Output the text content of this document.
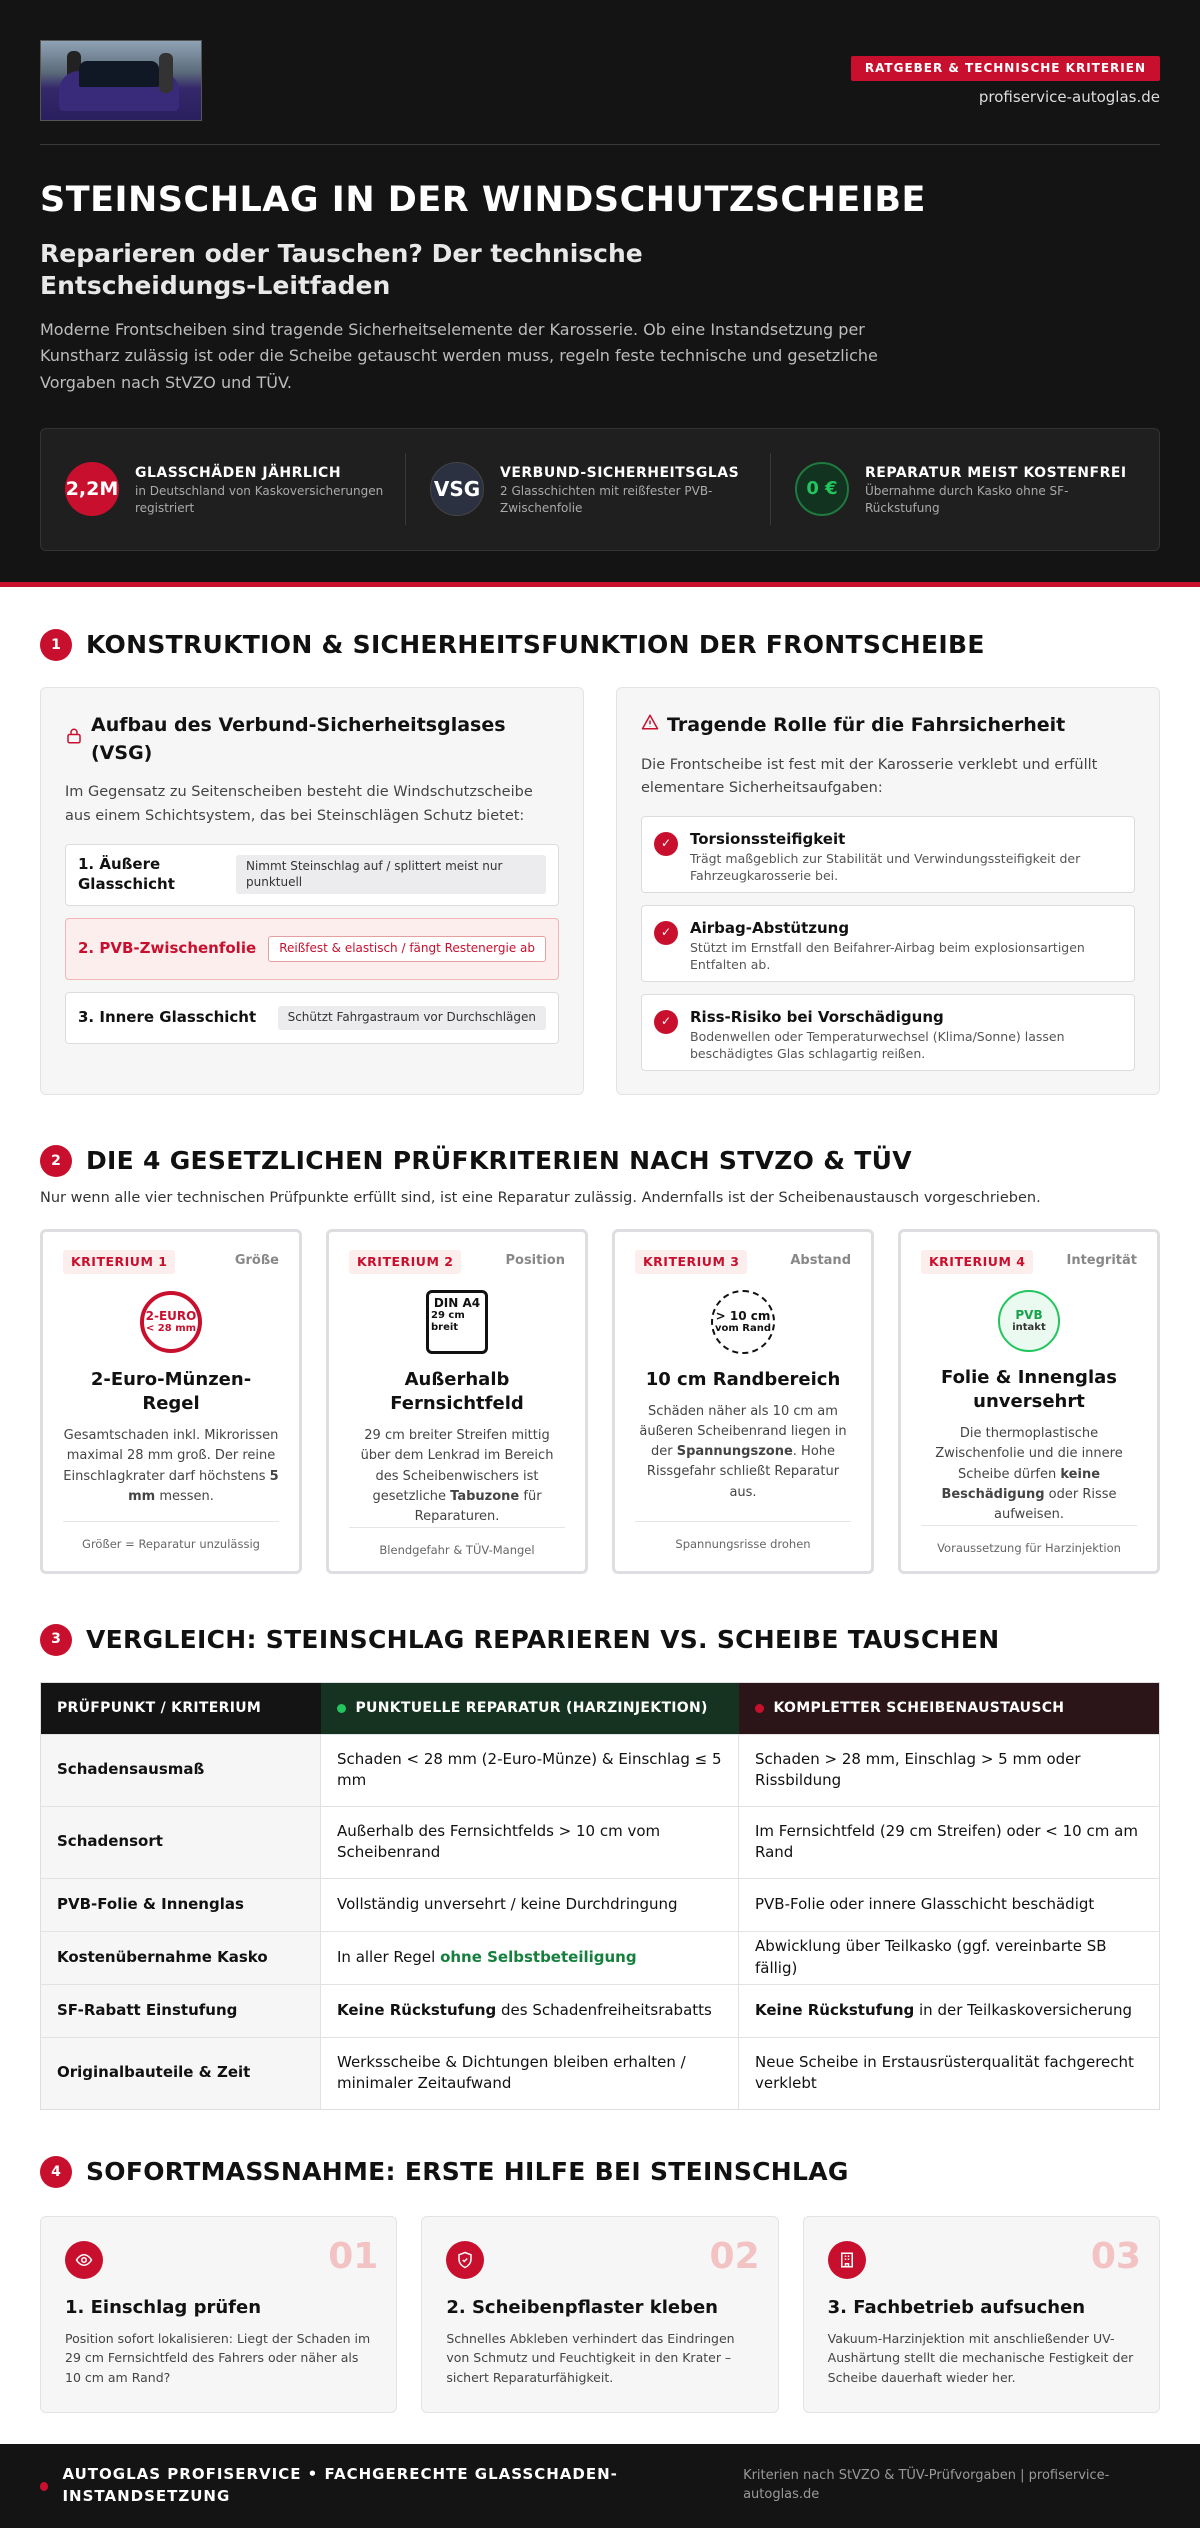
RATGEBER & TECHNISCHE KRITERIEN
profiservice-autoglas.de
STEINSCHLAG IN DER WINDSCHUTZSCHEIBE
Reparieren oder Tauschen? Der technische Entscheidungs-Leitfaden

Moderne Frontscheiben sind tragende Sicherheitselemente der Karosserie. Ob eine Instandsetzung per Kunstharz zulässig ist oder die Scheibe getauscht werden muss, regeln feste technische und gesetzliche Vorgaben nach StVZO und TÜV.

2,2M
GLASSCHÄDEN JÄHRLICH
in Deutschland von Kaskoversicherungen registriert
VSG
VERBUND-SICHERHEITSGLAS
2 Glasschichten mit reißfester PVB-Zwischenfolie
0 €
REPARATUR MEIST KOSTENFREI
Übernahme durch Kasko ohne SF-Rückstufung
1	KONSTRUKTION & SICHERHEITSFUNKTION DER FRONTSCHEIBE
Aufbau des Verbund-Sicherheitsglases (VSG)

Im Gegensatz zu Seitenscheiben besteht die Windschutzscheibe aus einem Schichtsystem, das bei Steinschlägen Schutz bietet:

1. Äußere Glasschicht
Nimmt Steinschlag auf / splittert meist nur punktuell
2. PVB-Zwischenfolie	Reißfest & elastisch / fängt Restenergie ab
3. Innere Glasschicht	Schützt Fahrgastraum vor Durchschlägen
Tragende Rolle für die Fahrsicherheit

Die Frontscheibe ist fest mit der Karosserie verklebt und erfüllt elementare Sicherheitsaufgaben:

✓	Torsionssteifigkeit
Trägt maßgeblich zur Stabilität und Verwindungssteifigkeit der Fahrzeugkarosserie bei.
✓	Airbag-Abstützung
Stützt im Ernstfall den Beifahrer-Airbag beim explosionsartigen Entfalten ab.
✓	Riss-Risiko bei Vorschädigung
Bodenwellen oder Temperaturwechsel (Klima/Sonne) lassen beschädigtes Glas schlagartig reißen.
2	DIE 4 GESETZLICHEN PRÜFKRITERIEN NACH STVZO & TÜV

Nur wenn alle vier technischen Prüfpunkte erfüllt sind, ist eine Reparatur zulässig. Andernfalls ist der Scheibenaustausch vorgeschrieben.

KRITERIUM 1	Größe
2-EURO
< 28 mm
2-Euro-Münzen-Regel
Gesamtschaden inkl. Mikrorissen maximal 28 mm groß. Der reine Einschlagkrater darf höchstens 5 mm messen.
Größer = Reparatur unzulässig
KRITERIUM 2	Position
DIN A4
29 cm breit
Außerhalb Fernsichtfeld
29 cm breiter Streifen mittig über dem Lenkrad im Bereich des Scheibenwischers ist gesetzliche Tabuzone für Reparaturen.
Blendgefahr & TÜV-Mangel
KRITERIUM 3	Abstand
> 10 cm
vom Rand
10 cm Randbereich
Schäden näher als 10 cm am äußeren Scheibenrand liegen in der Spannungszone. Hohe Rissgefahr schließt Reparatur aus.
Spannungsrisse drohen
KRITERIUM 4	Integrität
PVB
intakt
Folie & Innenglas unversehrt
Die thermoplastische Zwischenfolie und die innere Scheibe dürfen keine Beschädigung oder Risse aufweisen.
Voraussetzung für Harzinjektion
3	VERGLEICH: STEINSCHLAG REPARIEREN VS. SCHEIBE TAUSCHEN
PRÜFPUNKT / KRITERIUM	PUNKTUELLE REPARATUR (HARZINJEKTION)	KOMPLETTER SCHEIBENAUSTAUSCH
Schadensausmaß	Schaden < 28 mm (2-Euro-Münze) & Einschlag ≤ 5 mm	Schaden > 28 mm, Einschlag > 5 mm oder Rissbildung
Schadensort	Außerhalb des Fernsichtfelds > 10 cm vom Scheibenrand	Im Fernsichtfeld (29 cm Streifen) oder < 10 cm am Rand
PVB-Folie & Innenglas	Vollständig unversehrt / keine Durchdringung	PVB-Folie oder innere Glasschicht beschädigt
Kostenübernahme Kasko	In aller Regel ohne Selbstbeteiligung	Abwicklung über Teilkasko (ggf. vereinbarte SB fällig)
SF-Rabatt Einstufung	Keine Rückstufung des Schadenfreiheitsrabatts	Keine Rückstufung in der Teilkaskoversicherung
Originalbauteile & Zeit	Werksscheibe & Dichtungen bleiben erhalten / minimaler Zeitaufwand	Neue Scheibe in Erstausrüsterqualität fachgerecht verklebt
4	SOFORTMASSNAHME: ERSTE HILFE BEI STEINSCHLAG
01
1. Einschlag prüfen
Position sofort lokalisieren: Liegt der Schaden im 29 cm Fernsichtfeld des Fahrers oder näher als 10 cm am Rand?
02
2. Scheibenpflaster kleben
Schnelles Abkleben verhindert das Eindringen von Schmutz und Feuchtigkeit in den Krater – sichert Reparaturfähigkeit.
03
3. Fachbetrieb aufsuchen
Vakuum-Harzinjektion mit anschließender UV-Aushärtung stellt die mechanische Festigkeit der Scheibe dauerhaft wieder her.
AUTOGLAS PROFISERVICE • FACHGERECHTE GLASSCHADEN-INSTANDSETZUNG
Kriterien nach StVZO & TÜV-Prüfvorgaben | profiservice-autoglas.de
